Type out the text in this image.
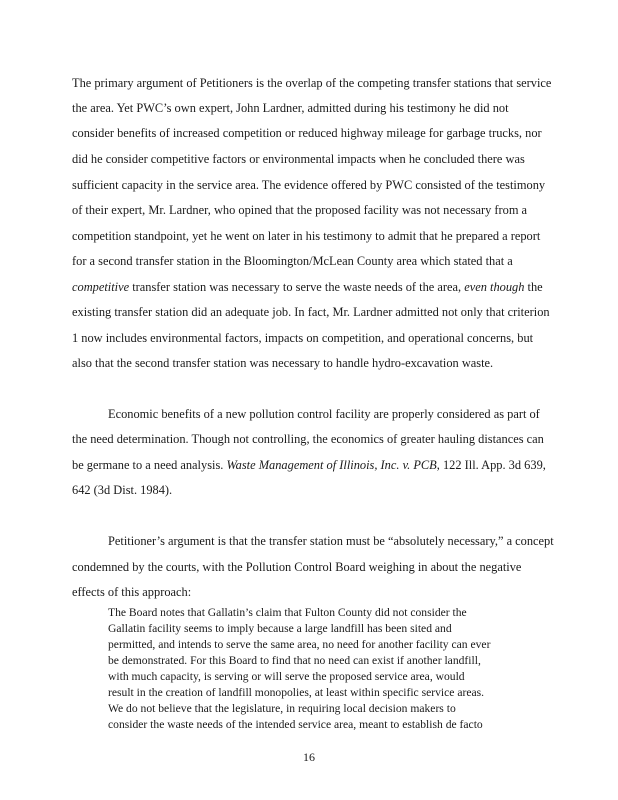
The primary argument of Petitioners is the overlap of the competing transfer stations that service
the area. Yet PWC’s own expert, John Lardner, admitted during his testimony he did not
consider benefits of increased competition or reduced highway mileage for garbage trucks, nor
did he consider competitive factors or environmental impacts when he concluded there was
sufficient capacity in the service area. The evidence offered by PWC consisted of the testimony
of their expert, Mr. Lardner, who opined that the proposed facility was not necessary from a
competition standpoint, yet he went on later in his testimony to admit that he prepared a report
for a second transfer station in the Bloomington/McLean County area which stated that a
competitive transfer station was necessary to serve the waste needs of the area, even though the
existing transfer station did an adequate job. In fact, Mr. Lardner admitted not only that criterion
1 now includes environmental factors, impacts on competition, and operational concerns, but
also that the second transfer station was necessary to handle hydro-excavation waste.
Economic benefits of a new pollution control facility are properly considered as part of
the need determination. Though not controlling, the economics of greater hauling distances can
be germane to a need analysis. Waste Management of Illinois, Inc. v. PCB, 122 Ill. App. 3d 639,
642 (3d Dist. 1984).
Petitioner’s argument is that the transfer station must be “absolutely necessary,” a concept
condemned by the courts, with the Pollution Control Board weighing in about the negative
effects of this approach:
The Board notes that Gallatin’s claim that Fulton County did not consider the
Gallatin facility seems to imply because a large landfill has been sited and
permitted, and intends to serve the same area, no need for another facility can ever
be demonstrated. For this Board to find that no need can exist if another landfill,
with much capacity, is serving or will serve the proposed service area, would
result in the creation of landfill monopolies, at least within specific service areas.
We do not believe that the legislature, in requiring local decision makers to
consider the waste needs of the intended service area, meant to establish de facto
16
